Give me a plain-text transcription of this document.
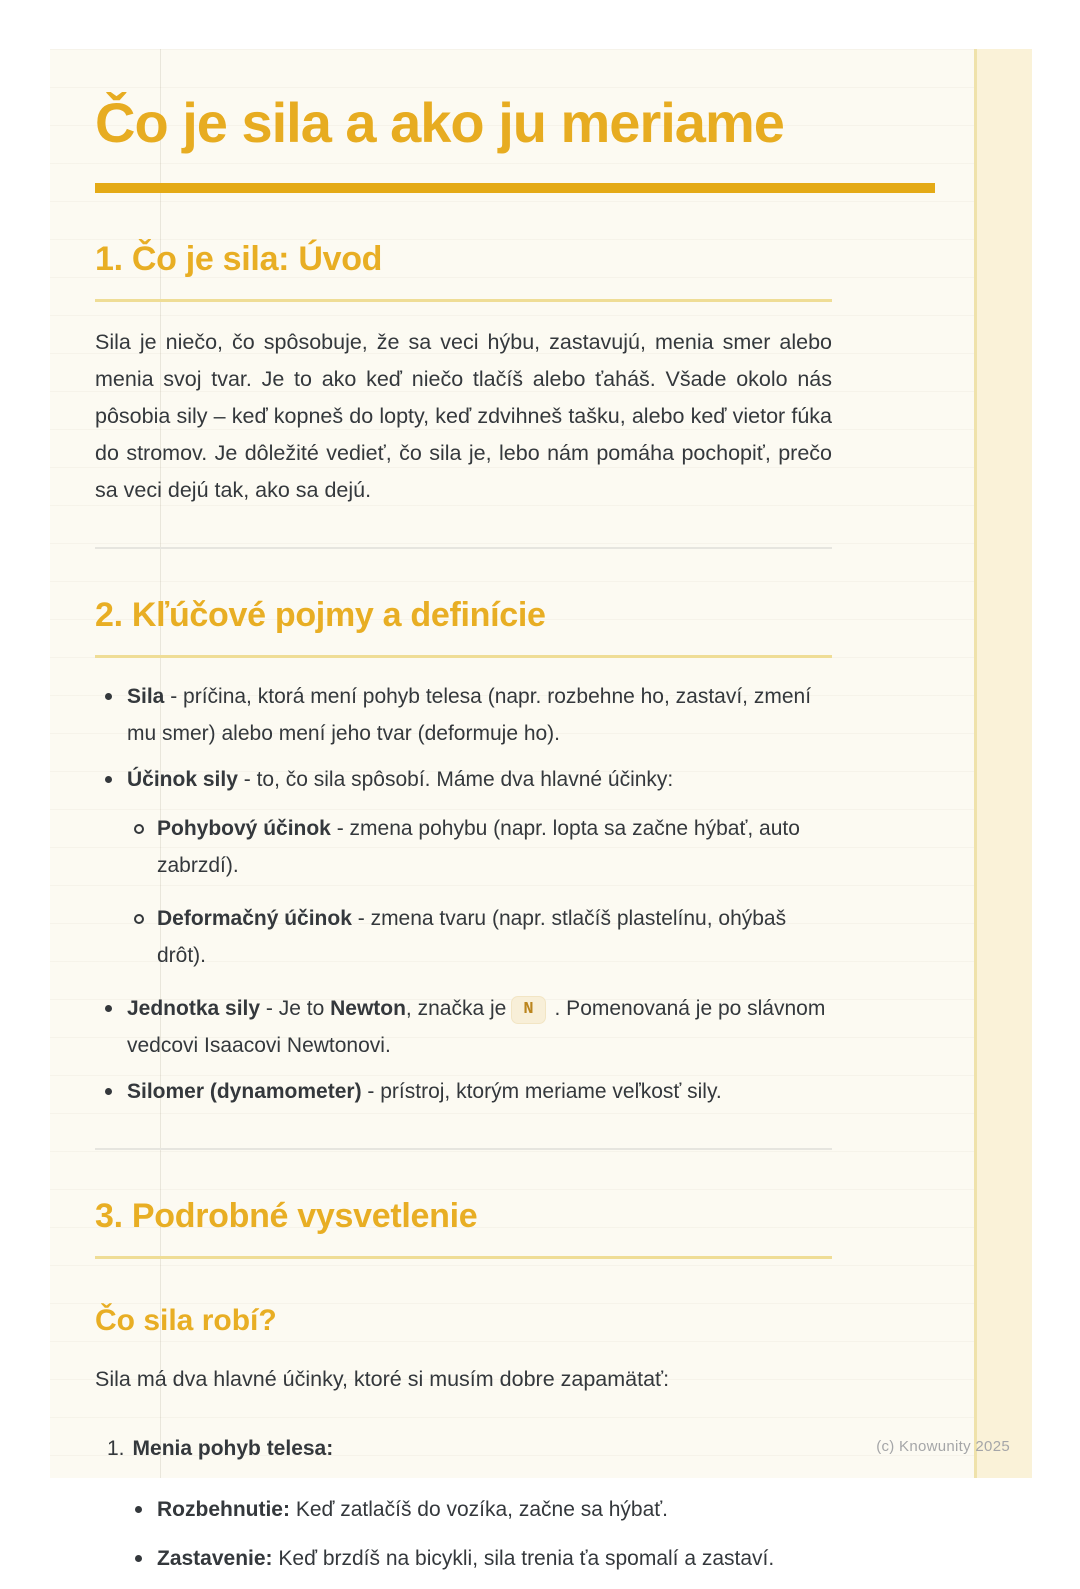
Čo je sila a ako ju meriame
1. Čo je sila: Úvod

Sila je niečo, čo spôsobuje, že sa veci hýbu, zastavujú, menia smer alebo menia svoj tvar. Je to ako keď niečo tlačíš alebo ťaháš. Všade okolo nás pôsobia sily – keď kopneš do lopty, keď zdvihneš tašku, alebo keď vietor fúka do stromov. Je dôležité vedieť, čo sila je, lebo nám pomáha pochopiť, prečo sa veci dejú tak, ako sa dejú.

2. Kľúčové pojmy a definície
Sila - príčina, ktorá mení pohyb telesa (napr. rozbehne ho, zastaví, zmení mu smer) alebo mení jeho tvar (deformuje ho).
Účinok sily - to, čo sila spôsobí. Máme dva hlavné účinky:
Pohybový účinok - zmena pohybu (napr. lopta sa začne hýbať, auto zabrzdí).
Deformačný účinok - zmena tvaru (napr. stlačíš plastelínu, ohýbaš drôt).
Jednotka sily - Je to Newton, značka je N . Pomenovaná je po slávnom vedcovi Isaacovi Newtonovi.
Silomer (dynamometer) - prístroj, ktorým meriame veľkosť sily.
3. Podrobné vysvetlenie
Čo sila robí?

Sila má dva hlavné účinky, ktoré si musím dobre zapamätať:

1. Menia pohyb telesa:
Rozbehnutie: Keď zatlačíš do vozíka, začne sa hýbať.
Zastavenie: Keď brzdíš na bicykli, sila trenia ťa spomalí a zastaví.
(c) Knowunity 2025
